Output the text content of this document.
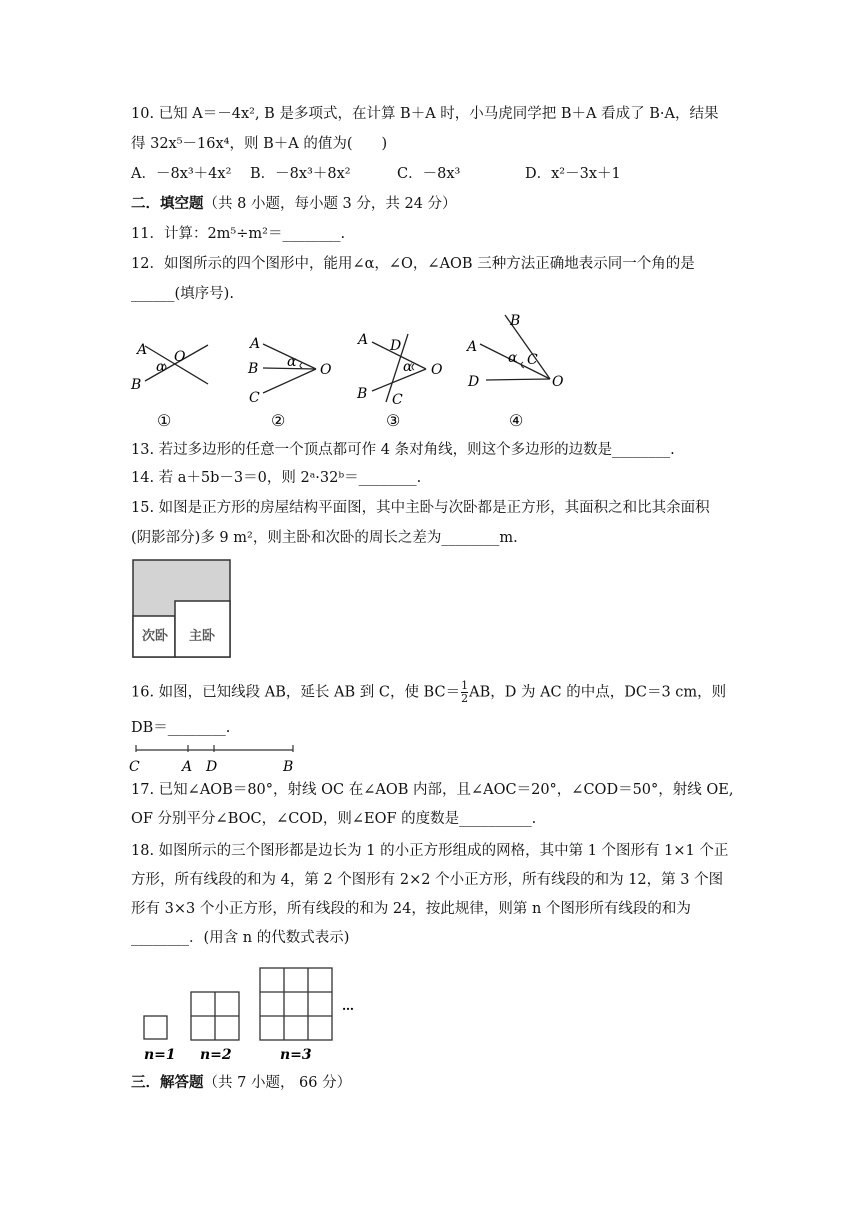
10. 已知 A＝－4x², B 是多项式，在计算 B＋A 时，小马虎同学把 B＋A 看成了 B·A，结果
得 32x⁵－16x⁴，则 B＋A 的值为(　　)
A．－8x³＋4x² B．－8x³＋8x²	C．－8x³	D．x²－3x＋1
二．填空题（共 8 小题，每小题 3 分，共 24 分）
11．计算：2m⁵÷m²＝________.
12．如图所示的四个图形中，能用∠α，∠O，∠AOB 三种方法正确地表示同一个角的是
______(填序号).
A
B
O
α
①
A
B
C
O
α
②
A D
B C
O
α
③
A
B
C
D	O
α
④
13. 若过多边形的任意一个顶点都可作 4 条对角线，则这个多边形的边数是________.
14. 若 a＋5b－3＝0，则 2ᵃ·32ᵇ＝________.
15. 如图是正方形的房屋结构平面图，其中主卧与次卧都是正方形，其面积之和比其余面积
(阴影部分)多 9 m²，则主卧和次卧的周长之差为________m.
次卧 主卧
16. 如图，已知线段 AB，延长 AB 到 C，使 $BC= \frac{1}{2}$ AB，D 为 AC 的中点，DC＝3 cm，则
DB＝________.
C	A D	B
17. 已知∠AOB＝80°，射线 OC 在∠AOB 内部，且∠AOC＝20°，∠COD＝50°，射线 OE,
OF 分别平分∠BOC，∠COD，则∠EOF 的度数是__________.
18. 如图所示的三个图形都是边长为 1 的小正方形组成的网格，其中第 1 个图形有 1×1 个正
方形，所有线段的和为 4，第 2 个图形有 2×2 个小正方形，所有线段的和为 12，第 3 个图
形有 3×3 个小正方形，所有线段的和为 24，按此规律，则第 n 个图形所有线段的和为
________．(用含 n 的代数式表示)
…
n=1 n=2	n=3
三．解答题（共 7 小题， 66 分）
